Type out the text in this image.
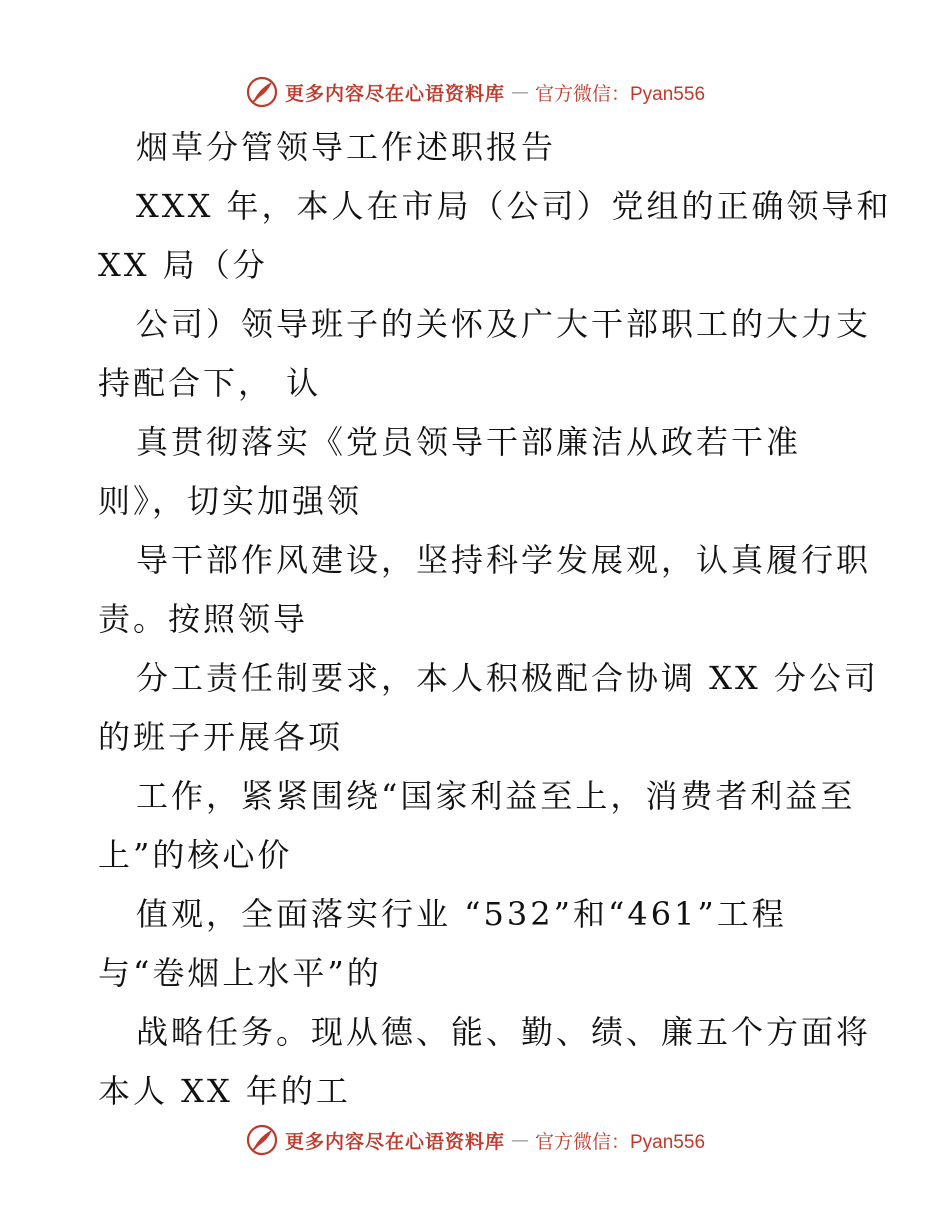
更多内容尽在心语资料库 — 官方微信：Pyan556
烟草分管领导工作述职报告
XXX 年，本人在市局（公司）党组的正确领导和
XX 局（分
公司）领导班子的关怀及广大干部职工的大力支
持配合下， 认
真贯彻落实《党员领导干部廉洁从政若干准
则》，切实加强领
导干部作风建设，坚持科学发展观，认真履行职
责。按照领导
分工责任制要求，本人积极配合协调 XX 分公司
的班子开展各项
工作，紧紧围绕“国家利益至上，消费者利益至
上”的核心价
值观，全面落实行业 “532”和“461”工程
与“卷烟上水平”的
战略任务。现从德、能、勤、绩、廉五个方面将
本人 XX 年的工
更多内容尽在心语资料库 — 官方微信：Pyan556
